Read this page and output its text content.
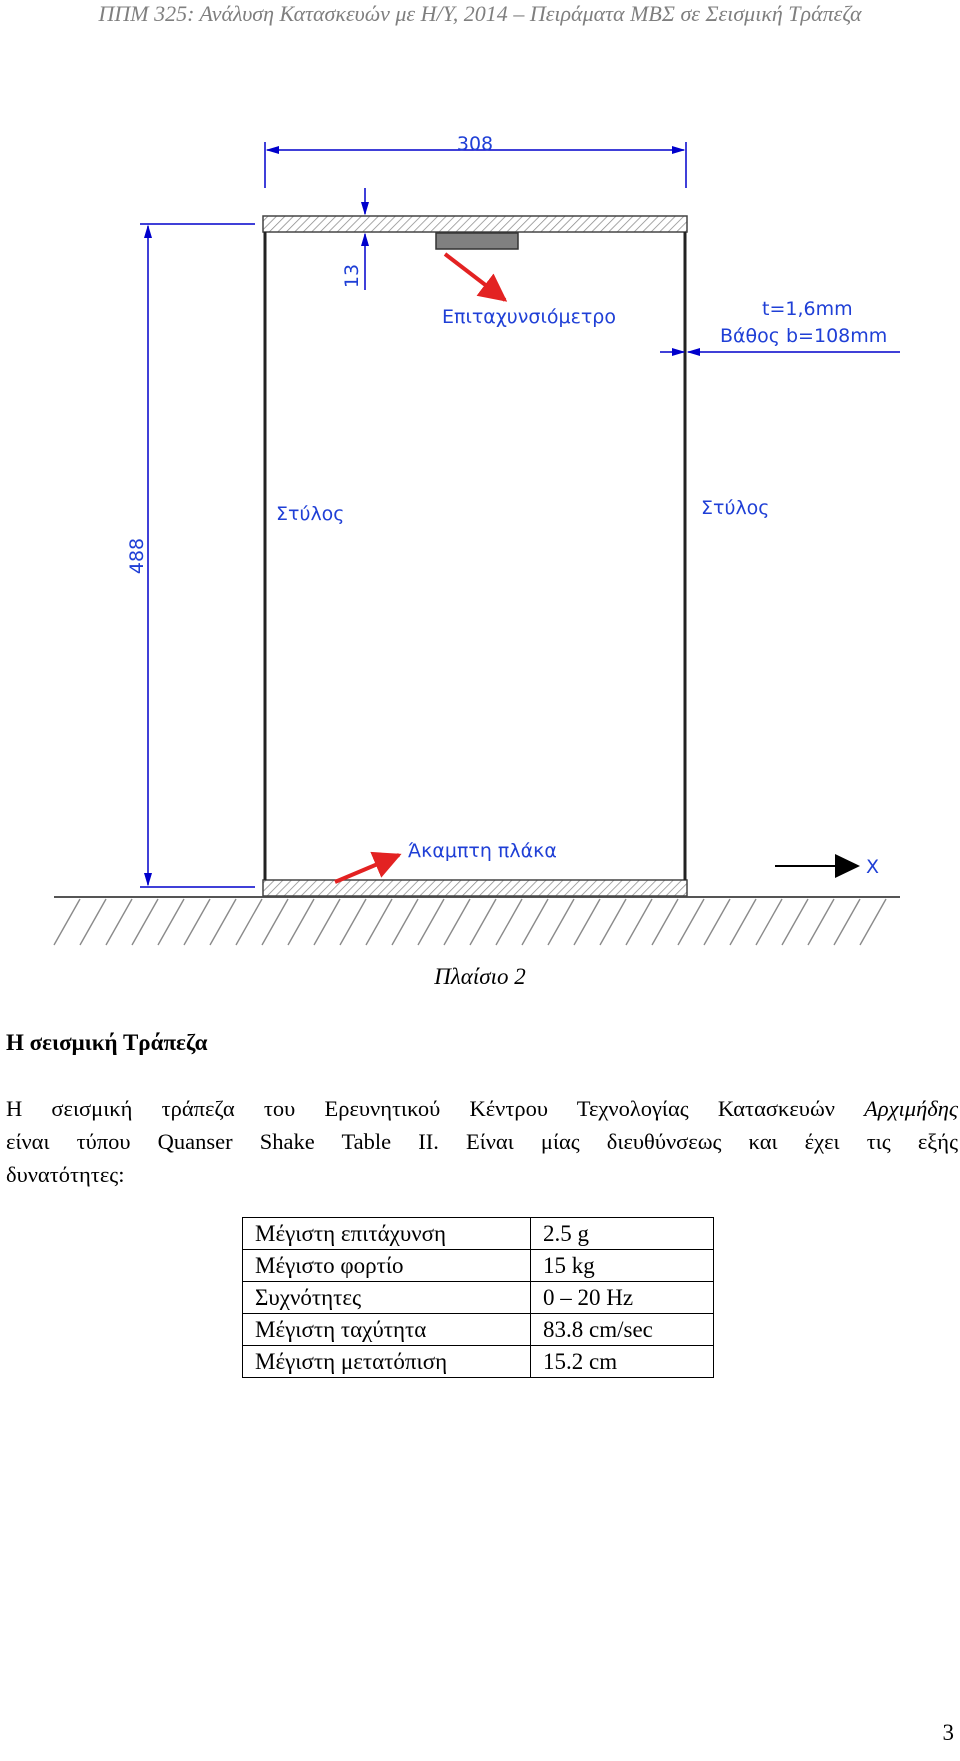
ΠΠΜ 325: Ανάλυση Κατασκευών με Η/Υ, 2014 – Πειράματα ΜΒΣ σε Σεισμική Τράπεζα
308
488
13
t=1,6mm
Βάθος b=108mm
Επιταχυνσιόμετρο
Στύλος	Στύλος
Άκαμπτη πλάκα
X
Πλαίσιο 2
Η σεισμική Τράπεζα
Η σεισμική τράπεζα του Ερευνητικού Κέντρου Τεχνολογίας Κατασκευών Αρχιμήδης
είναι τύπου Quanser Shake Table II. Είναι μίας διευθύνσεως και έχει τις εξής
δυνατότητες:
Μέγιστη επιτάχυνση	2.5 g
Μέγιστο φορτίο	15 kg
Συχνότητες	0 – 20 Hz
Μέγιστη ταχύτητα	83.8 cm/sec
Μέγιστη μετατόπιση	15.2 cm
3
